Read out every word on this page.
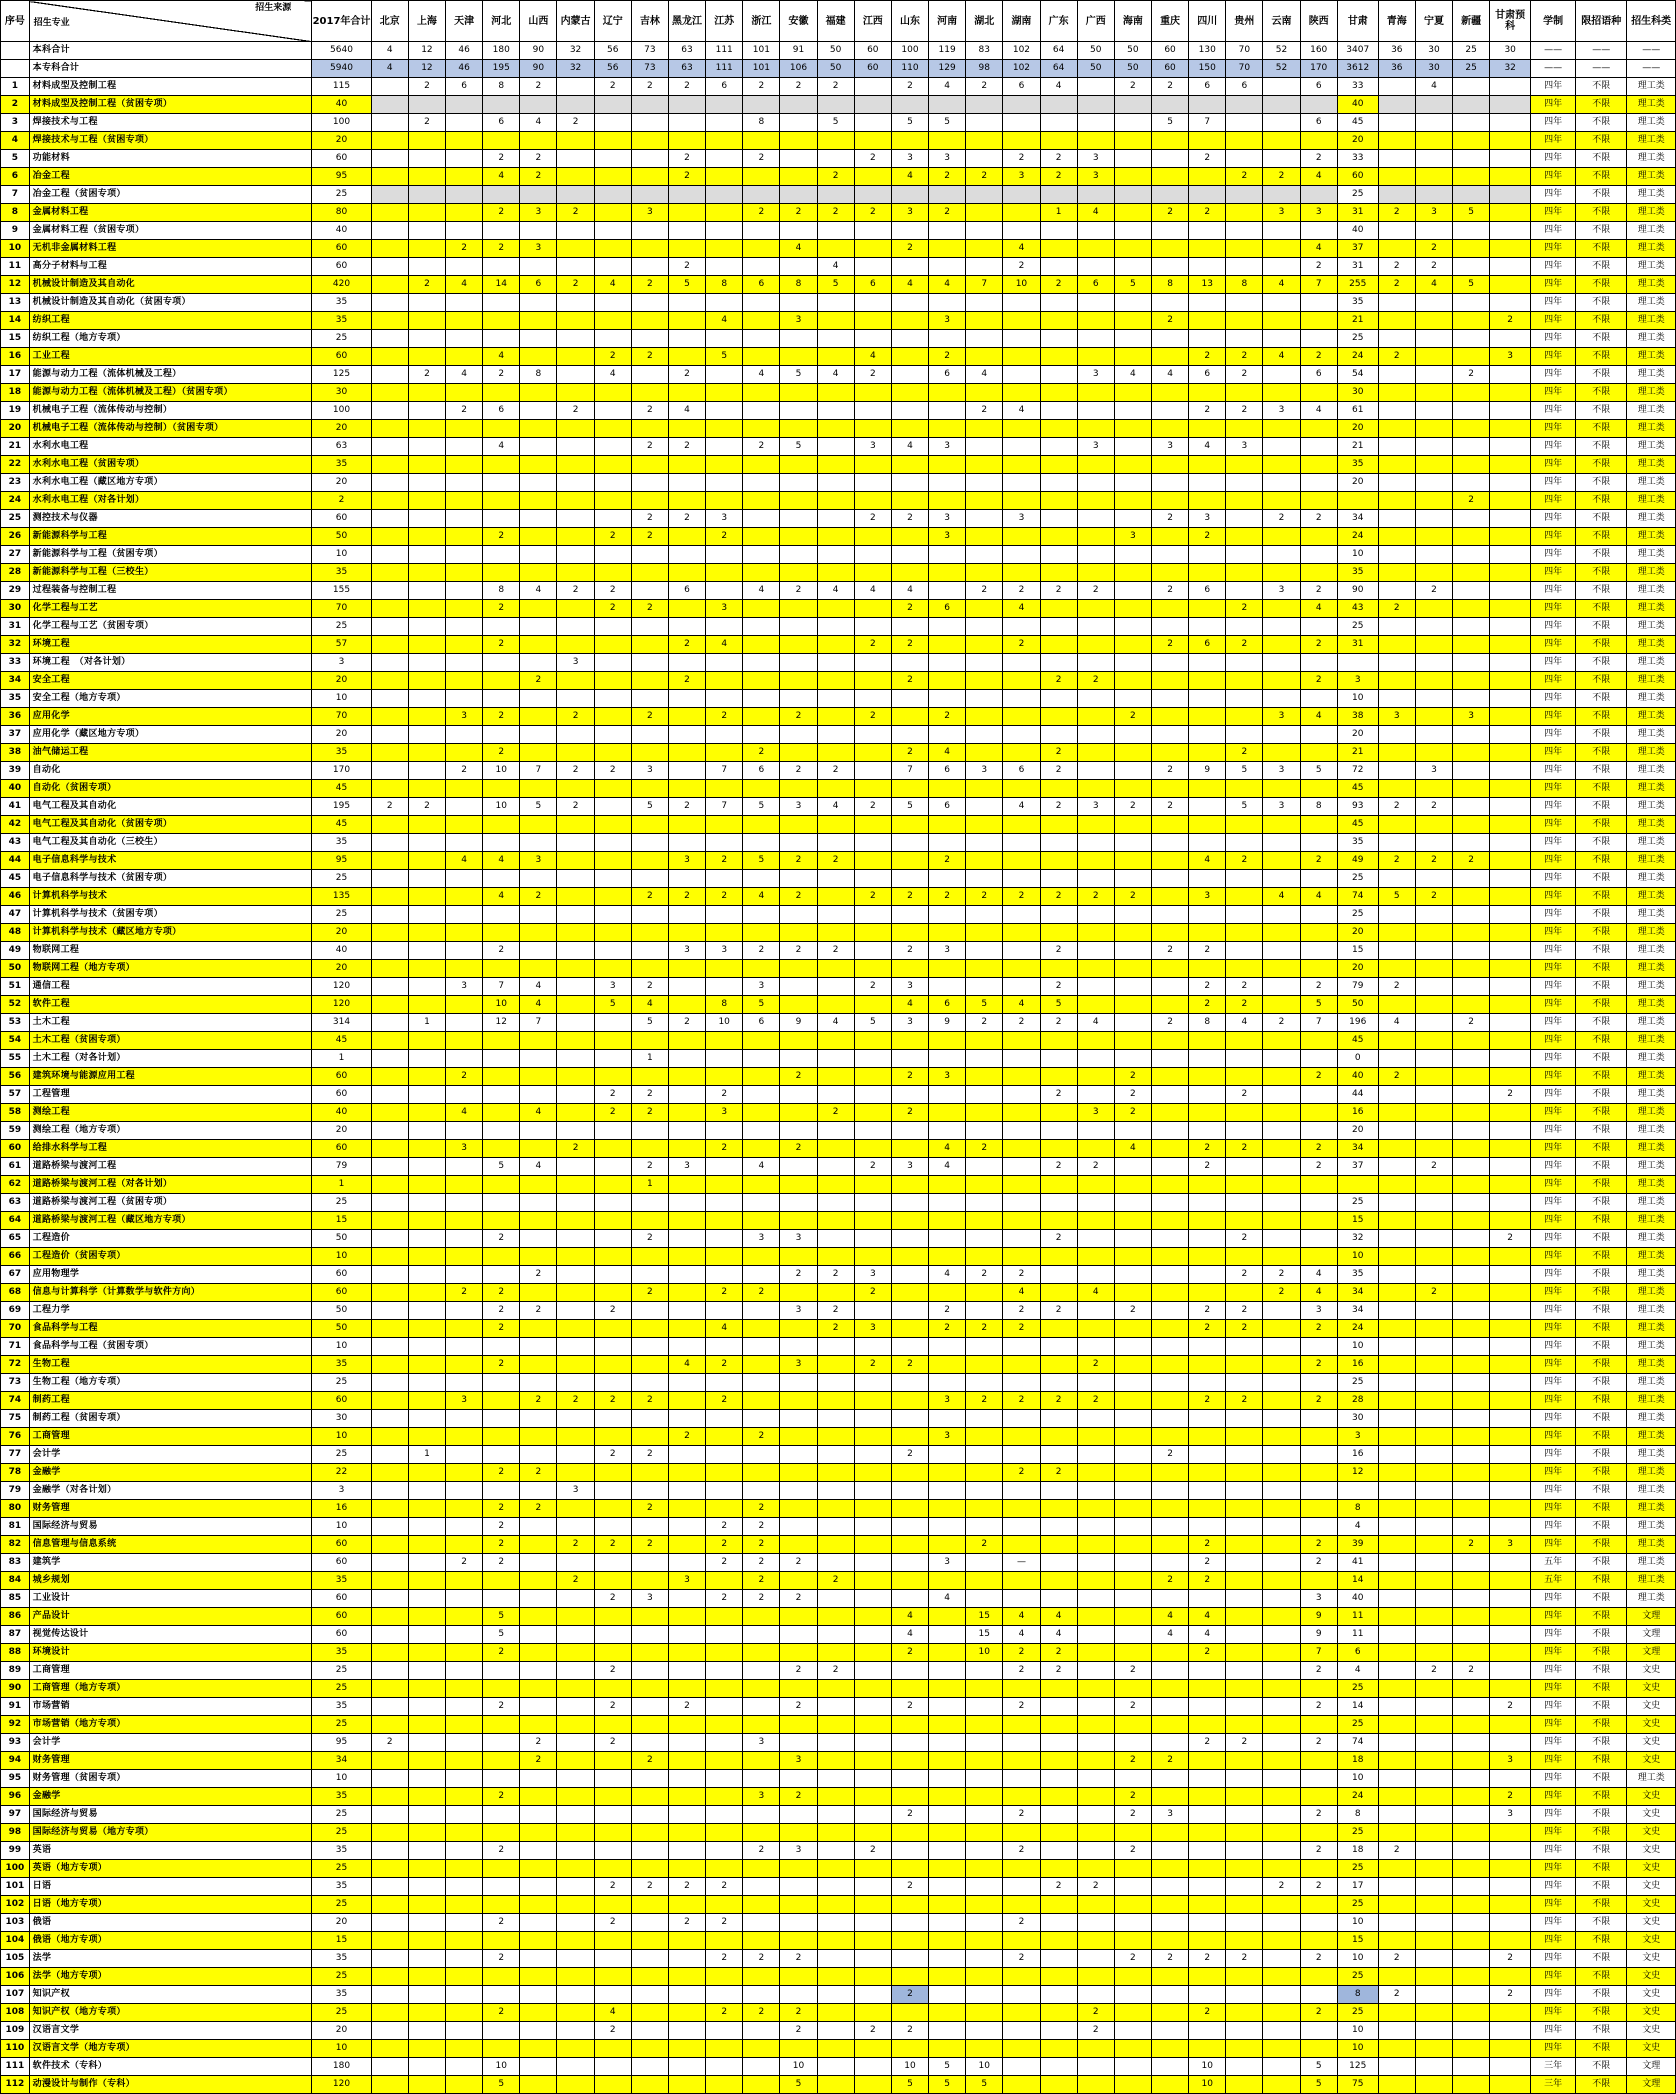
序号	招生专业
招生来源	2017年合计	北京	上海	天津	河北	山西	内蒙古	辽宁	吉林	黑龙江	江苏	浙江	安徽	福建	江西	山东	河南	湖北	湖南	广东	广西	海南	重庆	四川	贵州	云南	陕西	甘肃	青海	宁夏	新疆	甘肃预科	学制	限招语种	招生科类
	本科合计	5640	4	12	46	180	90	32	56	73	63	111	101	91	50	60	100	119	83	102	64	50	50	60	130	70	52	160	3407	36	30	25	30	——	——	——
	本专科合计	5940	4	12	46	195	90	32	56	73	63	111	101	106	50	60	110	129	98	102	64	50	50	60	150	70	52	170	3612	36	30	25	32	——	——	——
1	材料成型及控制工程	115		2	6	8	2		2	2	2	6	2	2	2		2	4	2	6	4		2	2	6	6		6	33		4			四年	不限	理工类
2	材料成型及控制工程（贫困专项）	40																											40					四年	不限	理工类
3	焊接技术与工程	100		2		6	4	2					8		5		5	5						5	7			6	45					四年	不限	理工类
4	焊接技术与工程（贫困专项）	20																											20					四年	不限	理工类
5	功能材料	60				2	2				2		2			2	3	3		2	2	3			2			2	33					四年	不限	理工类
6	冶金工程	95				4	2				2				2		4	2	2	3	2	3				2	2	4	60					四年	不限	理工类
7	冶金工程（贫困专项）	25																											25					四年	不限	理工类
8	金属材料工程	80				2	3	2		3			2	2	2	2	3	2			1	4		2	2		3	3	31	2	3	5		四年	不限	理工类
9	金属材料工程（贫困专项）	40																											40					四年	不限	理工类
10	无机非金属材料工程	60			2	2	3							4			2			4								4	37		2			四年	不限	理工类
11	高分子材料与工程	60									2				4					2								2	31	2	2			四年	不限	理工类
12	机械设计制造及其自动化	420		2	4	14	6	2	4	2	5	8	6	8	5	6	4	4	7	10	2	6	5	8	13	8	4	7	255	2	4	5		四年	不限	理工类
13	机械设计制造及其自动化（贫困专项）	35																											35					四年	不限	理工类
14	纺织工程	35										4		3				3						2					21				2	四年	不限	理工类
15	纺织工程（地方专项）	25																											25					四年	不限	理工类
16	工业工程	60				4			2	2		5				4		2							2	2	4	2	24	2			3	四年	不限	理工类
17	能源与动力工程（流体机械及工程）	125		2	4	2	8		4		2		4	5	4	2		6	4			3	4	4	6	2		6	54			2		四年	不限	理工类
18	能源与动力工程（流体机械及工程）（贫困专项）	30																											30					四年	不限	理工类
19	机械电子工程（流体传动与控制）	100			2	6		2		2	4								2	4					2	2	3	4	61					四年	不限	理工类
20	机械电子工程（流体传动与控制）（贫困专项）	20																											20					四年	不限	理工类
21	水利水电工程	63				4				2	2		2	5		3	4	3				3		3	4	3			21					四年	不限	理工类
22	水利水电工程（贫困专项）	35																											35					四年	不限	理工类
23	水利水电工程（藏区地方专项）	20																											20					四年	不限	理工类
24	水利水电工程（对各计划）	2																														2		四年	不限	理工类
25	测控技术与仪器	60								2	2	3				2	2	3		3				2	3		2	2	34					四年	不限	理工类
26	新能源科学与工程	50				2			2	2		2						3					3		2				24					四年	不限	理工类
27	新能源科学与工程（贫困专项）	10																											10					四年	不限	理工类
28	新能源科学与工程（三校生）	35																											35					四年	不限	理工类
29	过程装备与控制工程	155				8	4	2	2		6		4	2	4	4	4		2	2	2	2		2	6		3	2	90		2			四年	不限	理工类
30	化学工程与工艺	70				2			2	2		3					2	6		4						2		4	43	2				四年	不限	理工类
31	化学工程与工艺（贫困专项）	25																											25					四年	不限	理工类
32	环境工程	57				2					2	4				2	2			2				2	6	2		2	31					四年	不限	理工类
33	环境工程　（对各计划）	3						3																										四年	不限	理工类
34	安全工程	20					2				2						2				2	2						2	3					四年	不限	理工类
35	安全工程（地方专项）	10																											10					四年	不限	理工类
36	应用化学	70			3	2		2		2		2		2		2		2					2				3	4	38	3		3		四年	不限	理工类
37	应用化学（藏区地方专项）	20																											20					四年	不限	理工类
38	油气储运工程	35				2							2				2	4			2					2			21					四年	不限	理工类
39	自动化	170			2	10	7	2	2	3		7	6	2	2		7	6	3	6	2			2	9	5	3	5	72		3			四年	不限	理工类
40	自动化（贫困专项）	45																											45					四年	不限	理工类
41	电气工程及其自动化	195	2	2		10	5	2		5	2	7	5	3	4	2	5	6		4	2	3	2	2		5	3	8	93	2	2			四年	不限	理工类
42	电气工程及其自动化（贫困专项）	45																											45					四年	不限	理工类
43	电气工程及其自动化（三校生）	35																											35					四年	不限	理工类
44	电子信息科学与技术	95			4	4	3				3	2	5	2	2			2							4	2		2	49	2	2	2		四年	不限	理工类
45	电子信息科学与技术（贫困专项）	25																											25					四年	不限	理工类
46	计算机科学与技术	135				4	2			2	2	2	4	2		2	2	2	2	2	2	2	2		3		4	4	74	5	2			四年	不限	理工类
47	计算机科学与技术（贫困专项）	25																											25					四年	不限	理工类
48	计算机科学与技术（藏区地方专项）	20																											20					四年	不限	理工类
49	物联网工程	40				2					3	3	2	2	2		2	3			2			2	2				15					四年	不限	理工类
50	物联网工程（地方专项）	20																											20					四年	不限	理工类
51	通信工程	120			3	7	4		3	2			3			2	3				2				2	2		2	79	2				四年	不限	理工类
52	软件工程	120				10	4		5	4		8	5				4	6	5	4	5				2	2		5	50					四年	不限	理工类
53	土木工程	314		1		12	7			5	2	10	6	9	4	5	3	9	2	2	2	4		2	8	4	2	7	196	4		2		四年	不限	理工类
54	土木工程（贫困专项）	45																											45					四年	不限	理工类
55	土木工程（对各计划）	1								1																			0					四年	不限	理工类
56	建筑环境与能源应用工程	60			2									2			2	3					2					2	40	2				四年	不限	理工类
57	工程管理	60							2	2		2									2		2			2			44				2	四年	不限	理工类
58	测绘工程	40			4		4		2	2		3			2		2					3	2						16					四年	不限	理工类
59	测绘工程（地方专项）	20																											20					四年	不限	理工类
60	给排水科学与工程	60			3			2				2		2				4	2				4		2	2		2	34					四年	不限	理工类
61	道路桥梁与渡河工程	79				5	4			2	3		4			2	3	4			2	2			2			2	37		2			四年	不限	理工类
62	道路桥梁与渡河工程（对各计划）	1								1																								四年	不限	理工类
63	道路桥梁与渡河工程（贫困专项）	25																											25					四年	不限	理工类
64	道路桥梁与渡河工程（藏区地方专项）	15																											15					四年	不限	理工类
65	工程造价	50				2				2			3	3							2					2			32				2	四年	不限	理工类
66	工程造价（贫困专项）	10																											10					四年	不限	理工类
67	应用物理学	60					2							2	2	3		4	2	2						2	2	4	35					四年	不限	理工类
68	信息与计算科学（计算数学与软件方向）	60			2	2				2		2	2			2				4		4					2	4	34		2			四年	不限	理工类
69	工程力学	50				2	2		2					3	2			2		2	2		2		2	2		3	34					四年	不限	理工类
70	食品科学与工程	50				2						4			2	3		2	2	2					2	2		2	24					四年	不限	理工类
71	食品科学与工程（贫困专项）	10																											10					四年	不限	理工类
72	生物工程	35				2					4	2		3		2	2					2						2	16					四年	不限	理工类
73	生物工程（地方专项）	25																											25					四年	不限	理工类
74	制药工程	60			3		2	2	2	2		2						3	2	2	2	2			2	2		2	28					四年	不限	理工类
75	制药工程（贫困专项）	30																											30					四年	不限	理工类
76	工商管理	10									2		2					3											3					四年	不限	理工类
77	会计学	25		1					2	2							2							2					16					四年	不限	理工类
78	金融学	22				2	2													2	2								12					四年	不限	理工类
79	金融学（对各计划）	3						3																										四年	不限	理工类
80	财务管理	16				2	2			2			2																8					四年	不限	理工类
81	国际经济与贸易	10				2						2	2																4					四年	不限	理工类
82	信息管理与信息系统	60				2		2	2	2		2	2						2						2			2	39			2	3	四年	不限	理工类
83	建筑学	60			2	2						2	2	2				3		—					2			2	41					五年	不限	理工类
84	城乡规划	35						2			3		2		2									2	2				14					五年	不限	理工类
85	工业设计	60							2	3		2	2	2				4										3	40					四年	不限	理工类
86	产品设计	60				5											4		15	4	4			4	4			9	11					四年	不限	文理
87	视觉传达设计	60				5											4		15	4	4			4	4			9	11					四年	不限	文理
88	环境设计	35				2											2		10	2	2				2			7	6					四年	不限	文理
89	工商管理	25							2					2	2					2	2		2					2	4		2	2		四年	不限	文史
90	工商管理（地方专项）	25																											25					四年	不限	文史
91	市场营销	35				2			2		2			2			2			2			2					2	14				2	四年	不限	文史
92	市场营销（地方专项）	25																											25					四年	不限	文史
93	会计学	95	2				2		2				3												2	2		2	74					四年	不限	文史
94	财务管理	34					2			2				3									2	2					18				3	四年	不限	文史
95	财务管理（贫困专项）	10																											10					四年	不限	理工类
96	金融学	35				2							3	2									2						24				2	四年	不限	文史
97	国际经济与贸易	25															2			2			2	3				2	8				3	四年	不限	文史
98	国际经济与贸易（地方专项）	25																											25					四年	不限	文史
99	英语	35				2							2	3		2				2			2					2	18	2				四年	不限	文史
100	英语（地方专项）	25																											25					四年	不限	文史
101	日语	35							2	2	2	2					2				2	2					2	2	17					四年	不限	文史
102	日语（地方专项）	25																											25					四年	不限	文史
103	俄语	20				2			2		2	2								2									10					四年	不限	文史
104	俄语（地方专项）	15																											15					四年	不限	文史
105	法学	35				2						2	2	2						2			2	2	2	2		2	10	2			2	四年	不限	文史
106	法学（地方专项）	25																											25					四年	不限	文史
107	知识产权	35															2												8	2			2	四年	不限	文史
108	知识产权（地方专项）	25				2			4			2	2	2								2			2			2	25					四年	不限	文史
109	汉语言文学	20							2					2		2	2					2							10					四年	不限	文史
110	汉语言文学（地方专项）	10																											10					四年	不限	文史
111	软件技术（专科）	180				10								10			10	5	10						10			5	125					三年	不限	文理
112	动漫设计与制作（专科）	120				5								5			5	5	5						10			5	75					三年	不限	文理
